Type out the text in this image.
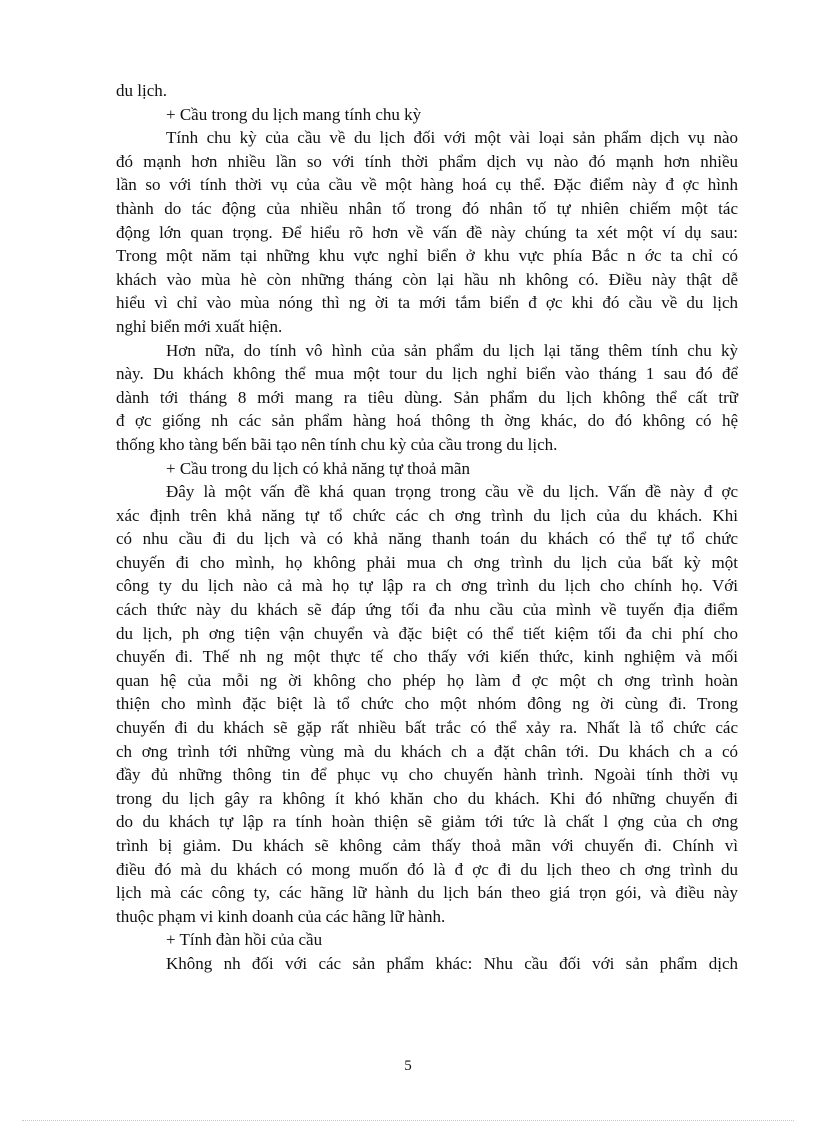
du lịch.
+ Cầu trong du lịch mang tính chu kỳ
Tính chu kỳ của cầu về du lịch đối với một vài loại sản phẩm dịch vụ nào
đó mạnh hơn nhiều lần so với tính thời phẩm dịch vụ nào đó mạnh hơn nhiều
lần so với tính thời vụ của cầu về một hàng hoá cụ thể. Đặc điểm này đ ợc hình
thành do tác động của nhiều nhân tố trong đó nhân tố tự nhiên chiếm một tác
động lớn quan trọng. Để hiểu rõ hơn về vấn đề này chúng ta xét một ví dụ sau:
Trong một năm tại những khu vực nghỉ biển ở khu vực phía Bắc n ớc ta chỉ có
khách vào mùa hè còn những tháng còn lại hầu nh không có. Điều này thật dễ
hiểu vì chỉ vào mùa nóng thì ng ời ta mới tắm biển đ ợc khi đó cầu về du lịch
nghỉ biển mới xuất hiện.
Hơn nữa, do tính vô hình của sản phẩm du lịch lại tăng thêm tính chu kỳ
này. Du khách không thể mua một tour du lịch nghỉ biển vào tháng 1 sau đó để
dành tới tháng 8 mới mang ra tiêu dùng. Sản phẩm du lịch không thể cất trữ
đ ợc giống nh các sản phẩm hàng hoá thông th ờng khác, do đó không có hệ
thống kho tàng bến bãi tạo nên tính chu kỳ của cầu trong du lịch.
+ Cầu trong du lịch có khả năng tự thoả mãn
Đây là một vấn đề khá quan trọng trong cầu về du lịch. Vấn đề này đ ợc
xác định trên khả năng tự tổ chức các ch ơng trình du lịch của du khách. Khi
có nhu cầu đi du lịch và có khả năng thanh toán du khách có thể tự tổ chức
chuyến đi cho mình, họ không phải mua ch ơng trình du lịch của bất kỳ một
công ty du lịch nào cả mà họ tự lập ra ch ơng trình du lịch cho chính họ. Với
cách thức này du khách sẽ đáp ứng tối đa nhu cầu của mình về tuyến địa điểm
du lịch, ph ơng tiện vận chuyển và đặc biệt có thể tiết kiệm tối đa chi phí cho
chuyến đi. Thế nh ng một thực tế cho thấy với kiến thức, kinh nghiệm và mối
quan hệ của mỗi ng ời không cho phép họ làm đ ợc một ch ơng trình hoàn
thiện cho mình đặc biệt là tổ chức cho một nhóm đông ng ời cùng đi. Trong
chuyến đi du khách sẽ gặp rất nhiều bất trắc có thể xảy ra. Nhất là tổ chức các
ch ơng trình tới những vùng mà du khách ch a đặt chân tới. Du khách ch a có
đầy đủ những thông tin để phục vụ cho chuyến hành trình. Ngoài tính thời vụ
trong du lịch gây ra không ít khó khăn cho du khách. Khi đó những chuyến đi
do du khách tự lập ra tính hoàn thiện sẽ giảm tới tức là chất l ợng của ch ơng
trình bị giảm. Du khách sẽ không cảm thấy thoả mãn với chuyến đi. Chính vì
điều đó mà du khách có mong muốn đó là đ ợc đi du lịch theo ch ơng trình du
lịch mà các công ty, các hãng lữ hành du lịch bán theo giá trọn gói, và điều này
thuộc phạm vi kinh doanh của các hãng lữ hành.
+ Tính đàn hồi của cầu
Không nh đối với các sản phẩm khác: Nhu cầu đối với sản phẩm dịch
5
